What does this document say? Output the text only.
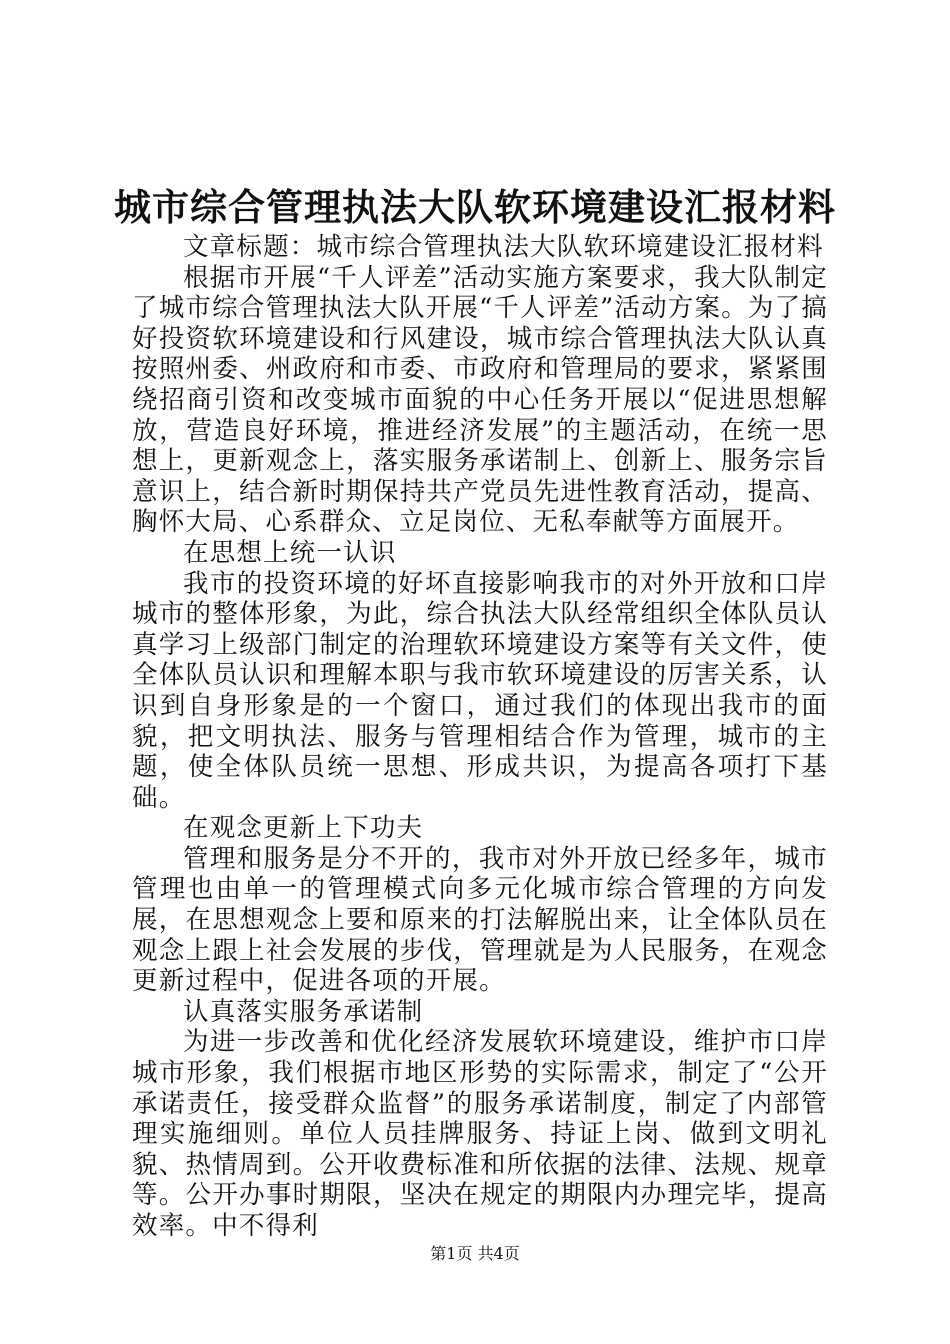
城市综合管理执法大队软环境建设汇报材料

文章标题：城市综合管理执法大队软环境建设汇报材料

根据市开展“千人评差”活动实施方案要求，我大队制定了城市综合管理执法大队开展“千人评差”活动方案。为了搞好投资软环境建设和行风建设，城市综合管理执法大队认真按照州委、州政府和市委、市政府和管理局的要求，紧紧围绕招商引资和改变城市面貌的中心任务开展以“促进思想解放，营造良好环境，推进经济发展”的主题活动，在统一思想上，更新观念上，落实服务承诺制上、创新上、服务宗旨意识上，结合新时期保持共产党员先进性教育活动，提高、胸怀大局、心系群众、立足岗位、无私奉献等方面展开。

在思想上统一认识

我市的投资环境的好坏直接影响我市的对外开放和口岸城市的整体形象，为此，综合执法大队经常组织全体队员认真学习上级部门制定的治理软环境建设方案等有关文件，使全体队员认识和理解本职与我市软环境建设的厉害关系，认识到自身形象是的一个窗口，通过我们的体现出我市的面貌，把文明执法、服务与管理相结合作为管理，城市的主题，使全体队员统一思想、形成共识，为提高各项打下基础。

在观念更新上下功夫

管理和服务是分不开的，我市对外开放已经多年，城市管理也由单一的管理模式向多元化城市综合管理的方向发展，在思想观念上要和原来的打法解脱出来，让全体队员在观念上跟上社会发展的步伐，管理就是为人民服务，在观念更新过程中，促进各项的开展。

认真落实服务承诺制

为进一步改善和优化经济发展软环境建设，维护市口岸城市形象，我们根据市地区形势的实际需求，制定了“公开承诺责任，接受群众监督”的服务承诺制度，制定了内部管理实施细则。单位人员挂牌服务、持证上岗、做到文明礼貌、热情周到。公开收费标准和所依据的法律、法规、规章等。公开办事时期限，坚决在规定的期限内办理完毕，提高效率。中不得利

第1页 共4页
